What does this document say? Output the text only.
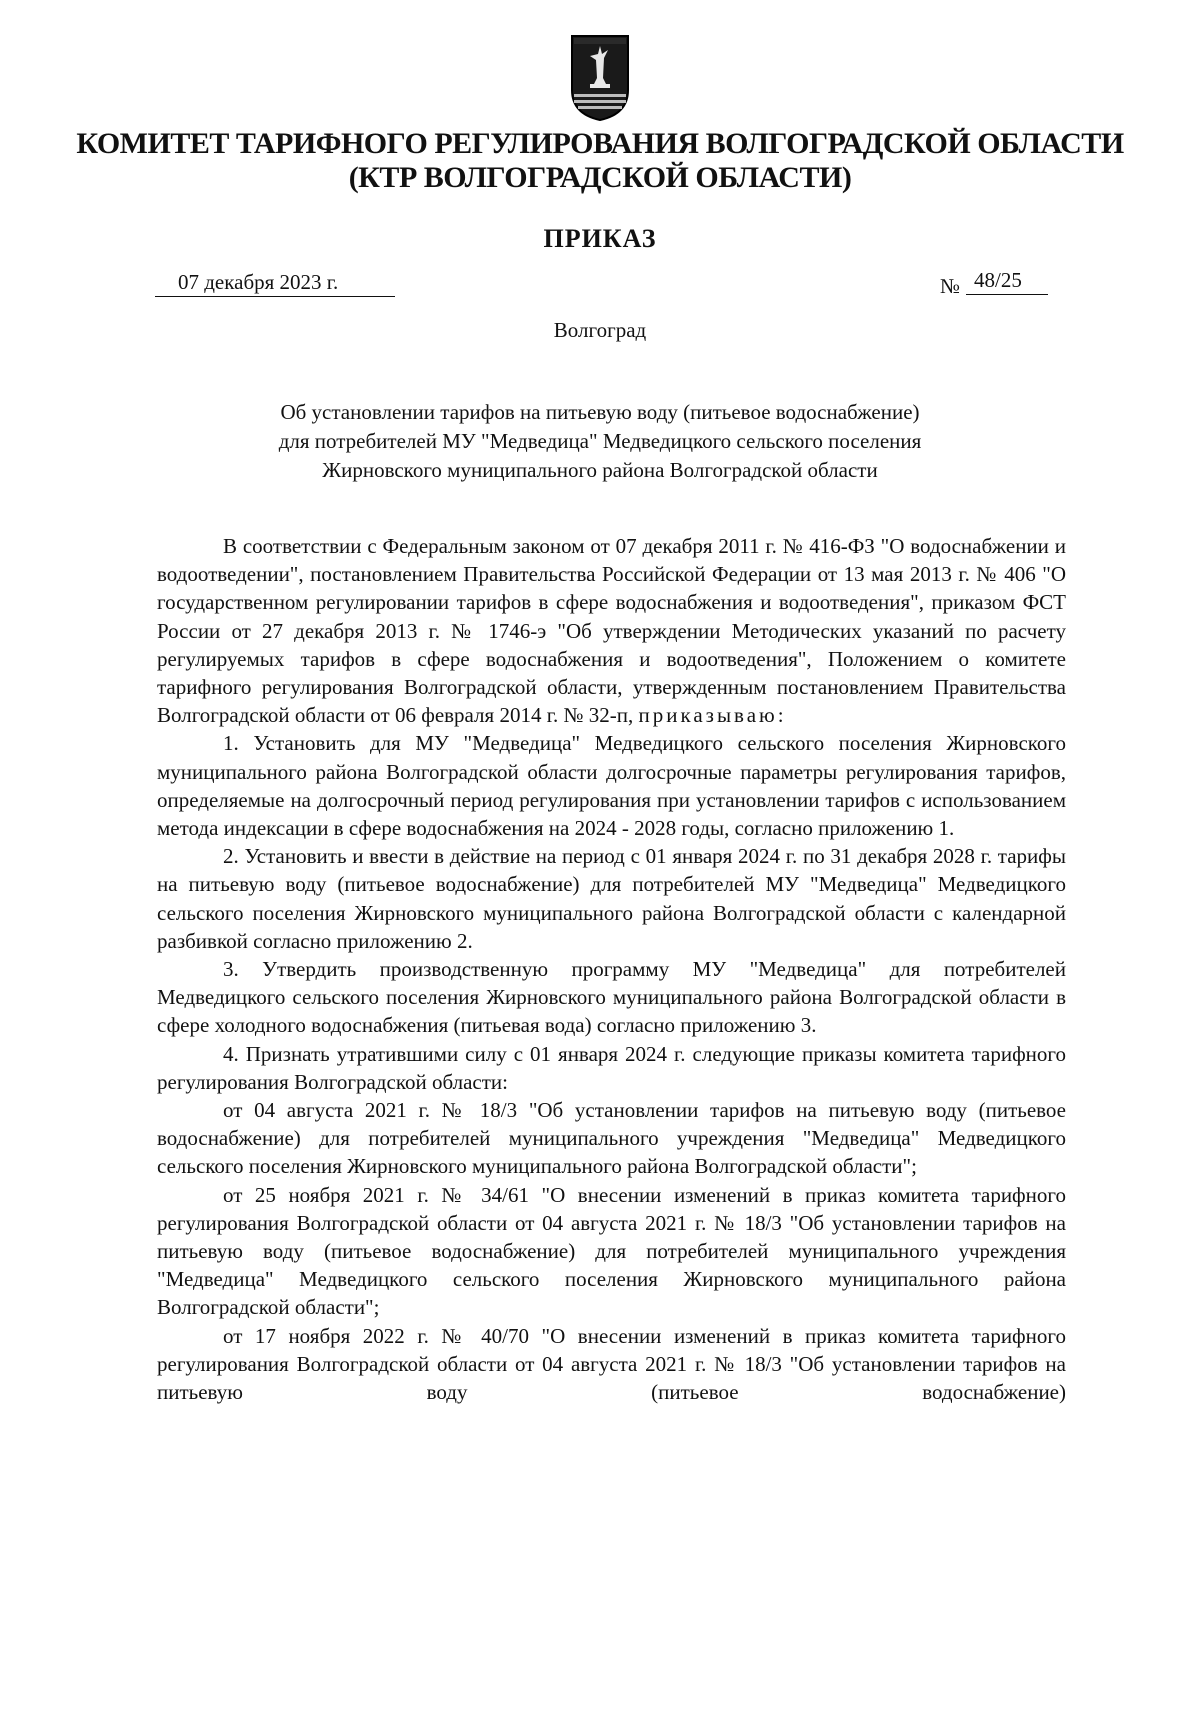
КОМИТЕТ ТАРИФНОГО РЕГУЛИРОВАНИЯ ВОЛГОГРАДСКОЙ ОБЛАСТИ
(КТР ВОЛГОГРАДСКОЙ ОБЛАСТИ)
ПРИКАЗ
07 декабря 2023 г.	№ 48/25
Волгоград
Об установлении тарифов на питьевую воду (питьевое водоснабжение)
для потребителей МУ "Медведица" Медведицкого сельского поселения
Жирновского муниципального района Волгоградской области

В соответствии с Федеральным законом от 07 декабря 2011 г. № 416-ФЗ "О водоснабжении и водоотведении", постановлением Правительства Российской Федерации от 13 мая 2013 г. № 406 "О государственном регулировании тарифов в сфере водоснабжения и водоотведения", приказом ФСТ России от 27 декабря 2013 г. № 1746-э "Об утверждении Методических указаний по расчету регулируемых тарифов в сфере водоснабжения и водоотведения", Положением о комитете тарифного регулирования Волгоградской области, утвержденным постановлением Правительства Волгоградской области от 06 февраля 2014 г. № 32-п, приказываю:

1. Установить для МУ "Медведица" Медведицкого сельского поселения Жирновского муниципального района Волгоградской области долгосрочные параметры регулирования тарифов, определяемые на долгосрочный период регулирования при установлении тарифов с использованием метода индексации в сфере водоснабжения на 2024 - 2028 годы, согласно приложению 1.

2. Установить и ввести в действие на период с 01 января 2024 г. по 31 декабря 2028 г. тарифы на питьевую воду (питьевое водоснабжение) для потребителей МУ "Медведица" Медведицкого сельского поселения Жирновского муниципального района Волгоградской области с календарной разбивкой согласно приложению 2.

3. Утвердить производственную программу МУ "Медведица" для потребителей Медведицкого сельского поселения Жирновского муниципального района Волгоградской области в сфере холодного водоснабжения (питьевая вода) согласно приложению 3.

4. Признать утратившими силу с 01 января 2024 г. следующие приказы комитета тарифного регулирования Волгоградской области:

от 04 августа 2021 г. № 18/3 "Об установлении тарифов на питьевую воду (питьевое водоснабжение) для потребителей муниципального учреждения "Медведица" Медведицкого сельского поселения Жирновского муниципального района Волгоградской области";

от 25 ноября 2021 г. № 34/61 "О внесении изменений в приказ комитета тарифного регулирования Волгоградской области от 04 августа 2021 г. № 18/3 "Об установлении тарифов на питьевую воду (питьевое водоснабжение) для потребителей муниципального учреждения "Медведица" Медведицкого сельского поселения Жирновского муниципального района Волгоградской области";

от 17 ноября 2022 г. № 40/70 "О внесении изменений в приказ комитета тарифного регулирования Волгоградской области от 04 августа 2021 г. № 18/3 "Об установлении тарифов на питьевую воду (питьевое водоснабжение)
